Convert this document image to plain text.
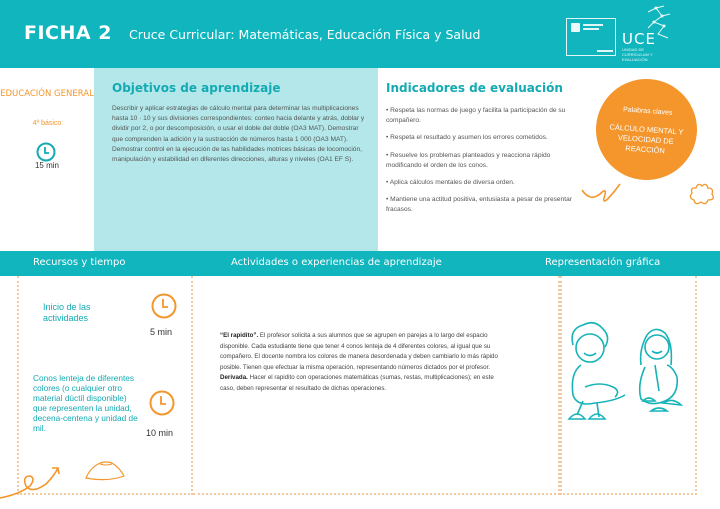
FICHA 2 Cruce Curricular: Matemáticas, Educación Física y Salud	UCE
UNIDAD DE CURRÍCULUM Y EVALUACIÓN
EDUCACIÓN GENERAL
4º básico
15 min
Objetivos de aprendizaje
Describir y aplicar estrategias de cálculo mental para determinar las multiplicaciones hasta 10 · 10 y sus divisiones correspondientes: conteo hacia delante y atrás, doblar y dividir por 2, o por descomposición, o usar el doble del doble (OA3 MAT). Demostrar que comprenden la adición y la sustracción de números hasta 1 000 (OA3 MAT). Demostrar control en la ejecución de las habilidades motrices básicas de locomoción, manipulación y estabilidad en diferentes direcciones, alturas y niveles (OA1 EF S).
Indicadores de evaluación
• Respeta las normas de juego y facilita la participación de su compañero.
• Respeta el resultado y asumen los errores cometidos.
• Resuelve los problemas planteados y reacciona rápido modificando el orden de los conos.
• Aplica cálculos mentales de diversa orden.
• Mantiene una actitud positiva, entusiasta a pesar de presentar fracasos.
Palabras claves
CÁLCULO MENTAL Y VELOCIDAD DE REACCIÓN
Recursos y tiempo	Actividades o experiencias de aprendizaje	Representación gráfica
Inicio de las actividades
5 min
Conos lenteja de diferentes colores (o cualquier otro material dúctil disponible) que representen la unidad, decena-centena y unidad de mil.	10 min
“El rapidito”. El profesor solicita a sus alumnos que se agrupen en parejas a lo largo del espacio disponible. Cada estudiante tiene que tener 4 conos lenteja de 4 diferentes colores, al igual que su compañero. El docente nombra los colores de manera desordenada y deben cambiarlo lo más rápido posible. Tienen que efectuar la misma operación, representando números dictados por el profesor.
Derivada. Hacer el rapidito con operaciones matemáticas (sumas, restas, multiplicaciones); en este caso, deben representar el resultado de dichas operaciones.
